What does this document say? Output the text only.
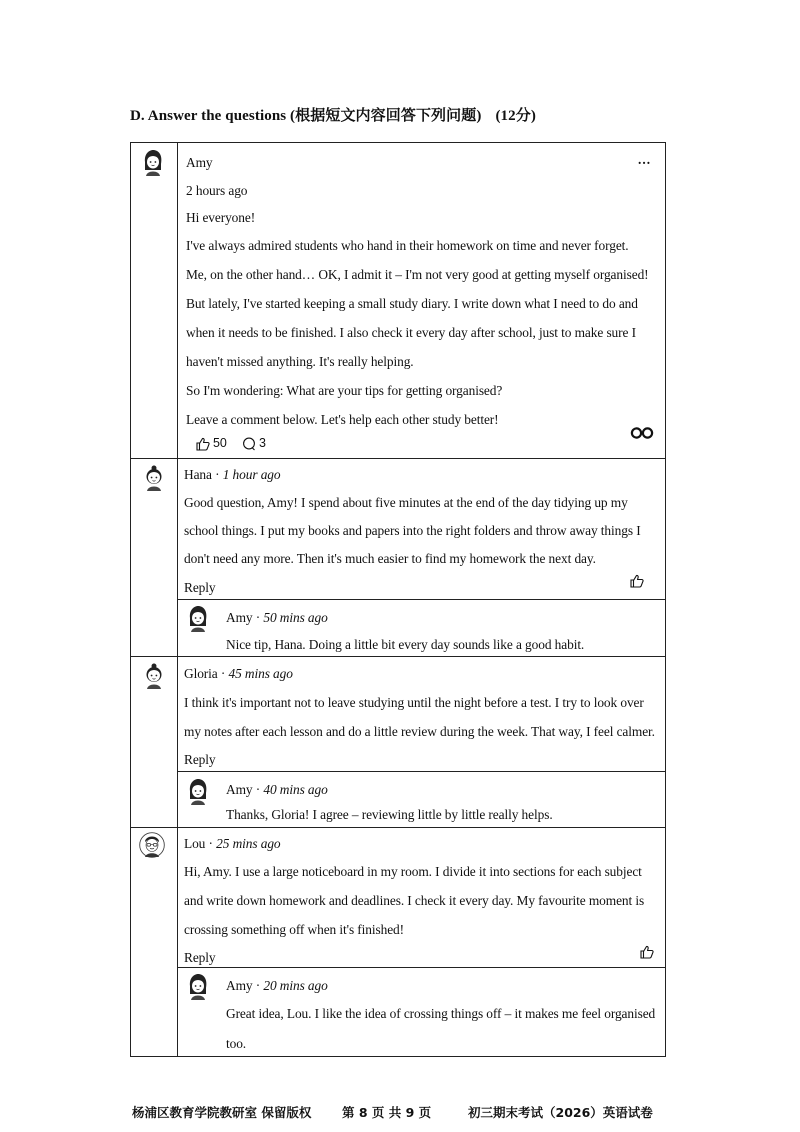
D. Answer the questions (根据短文内容回答下列问题) (12分)
Amy	...
2 hours ago
Hi everyone!
I've always admired students who hand in their homework on time and never forget.
Me, on the other hand… OK, I admit it – I'm not very good at getting myself organised!
But lately, I've started keeping a small study diary. I write down what I need to do and
when it needs to be finished. I also check it every day after school, just to make sure I
haven't missed anything. It's really helping.
So I'm wondering: What are your tips for getting organised?
Leave a comment below. Let's help each other study better!
50	3
Hana · 1 hour ago
Good question, Amy! I spend about five minutes at the end of the day tidying up my
school things. I put my books and papers into the right folders and throw away things I
don't need any more. Then it's much easier to find my homework the next day.
Reply
Amy · 50 mins ago
Nice tip, Hana. Doing a little bit every day sounds like a good habit.
Gloria · 45 mins ago
I think it's important not to leave studying until the night before a test. I try to look over
my notes after each lesson and do a little review during the week. That way, I feel calmer.
Reply
Amy · 40 mins ago
Thanks, Gloria! I agree – reviewing little by little really helps.
Lou · 25 mins ago
Hi, Amy. I use a large noticeboard in my room. I divide it into sections for each subject
and write down homework and deadlines. I check it every day. My favourite moment is
crossing something off when it's finished!
Reply
Amy · 20 mins ago
Great idea, Lou. I like the idea of crossing things off – it makes me feel organised
too.
杨浦区教育学院教研室 保留版权 第 8 页 共 9 页	初三期末考试（2026）英语试卷
